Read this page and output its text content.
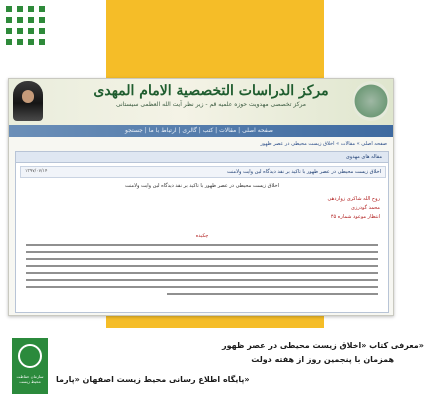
مرکز الدراسات التخصصیة الامام المهدی
مرکز تخصصی مهدویت حوزه علمیه قم - زیر نظر آیت الله العظمی سیستانی
صفحه اصلی | مقالات | کتب | گالری | ارتباط با ما | جستجو
صفحه اصلی » مقالات » اخلاق زیست محیطی در عصر ظهور
مقاله های مهدوی
۱۳۹۷/۰۷/۱۴	اخلاق زیست محیطی در عصر ظهور با تاکید بر نقد دیدگاه لین وایت ولامنت
اخلاق زیست محیطی در عصر ظهور با تاکید بر نقد دیدگاه لین وایت ولامنت
روح الله شاکری زواردهی
محمد گودرزی
انتظار موعود شماره ۴۵
چکیده
سازمان حفاظت محیط زیست	پایگاه اطلاع رسانی محیط زیست اصفهان «پارما»
معرفی کتاب «اخلاق زیست محیطی در عصر ظهور»
همزمان با پنجمین روز از هفته دولت
